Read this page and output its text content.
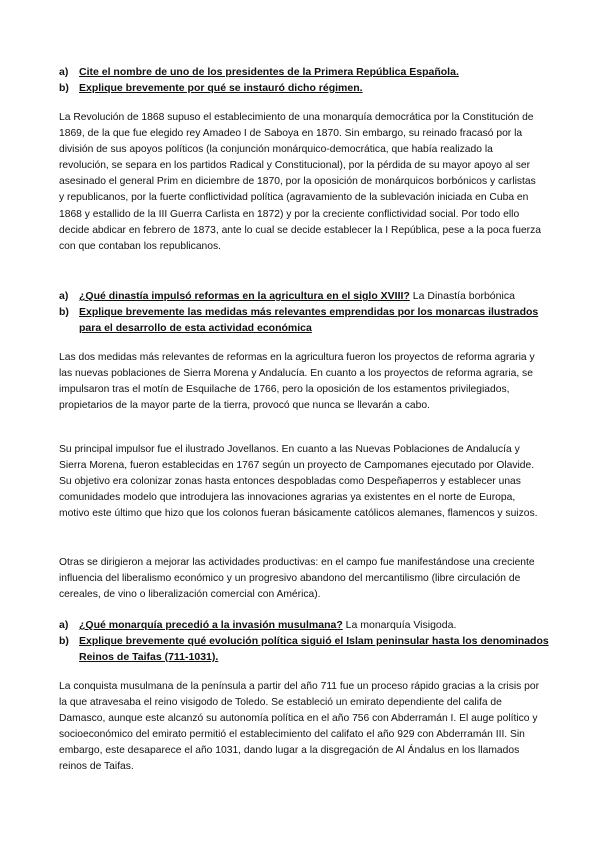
a) Cite el nombre de uno de los presidentes de la Primera República Española.
b) Explique brevemente por qué se instauró dicho régimen.

La Revolución de 1868 supuso el establecimiento de una monarquía democrática por la Constitución de 1869, de la que fue elegido rey Amadeo I de Saboya en 1870. Sin embargo, su reinado fracasó por la división de sus apoyos políticos (la conjunción monárquico-democrática, que había realizado la revolución, se separa en los partidos Radical y Constitucional), por la pérdida de su mayor apoyo al ser asesinado el general Prim en diciembre de 1870, por la oposición de monárquicos borbónicos y carlistas y republicanos, por la fuerte conflictividad política (agravamiento de la sublevación iniciada en Cuba en 1868 y estallido de la III Guerra Carlista en 1872) y por la creciente conflictividad social. Por todo ello decide abdicar en febrero de 1873, ante lo cual se decide establecer la I República, pese a la poca fuerza con que contaban los republicanos.

a) ¿Qué dinastía impulsó reformas en la agricultura en el siglo XVIII? La Dinastía borbónica
b) Explique brevemente las medidas más relevantes emprendidas por los monarcas ilustrados para el desarrollo de esta actividad económica

Las dos medidas más relevantes de reformas en la agricultura fueron los proyectos de reforma agraria y las nuevas poblaciones de Sierra Morena y Andalucía. En cuanto a los proyectos de reforma agraria, se impulsaron tras el motín de Esquilache de 1766, pero la oposición de los estamentos privilegiados, propietarios de la mayor parte de la tierra, provocó que nunca se llevarán a cabo.

Su principal impulsor fue el ilustrado Jovellanos. En cuanto a las Nuevas Poblaciones de Andalucía y Sierra Morena, fueron establecidas en 1767 según un proyecto de Campomanes ejecutado por Olavide. Su objetivo era colonizar zonas hasta entonces despobladas como Despeñaperros y establecer unas comunidades modelo que introdujera las innovaciones agrarias ya existentes en el norte de Europa, motivo este último que hizo que los colonos fueran básicamente católicos alemanes, flamencos y suizos.

Otras se dirigieron a mejorar las actividades productivas: en el campo fue manifestándose una creciente influencia del liberalismo económico y un progresivo abandono del mercantilismo (libre circulación de cereales, de vino o liberalización comercial con América).

a) ¿Qué monarquía precedió a la invasión musulmana? La monarquía Visigoda.
b) Explique brevemente qué evolución política siguió el Islam peninsular hasta los denominados Reinos de Taifas (711-1031).

La conquista musulmana de la península a partir del año 711 fue un proceso rápido gracias a la crisis por la que atravesaba el reino visigodo de Toledo. Se estableció un emirato dependiente del califa de Damasco, aunque este alcanzó su autonomía política en el año 756 con Abderramán I. El auge político y socioeconómico del emirato permitió el establecimiento del califato el año 929 con Abderramán III. Sin embargo, este desaparece el año 1031, dando lugar a la disgregación de Al Ándalus en los llamados reinos de Taifas.
